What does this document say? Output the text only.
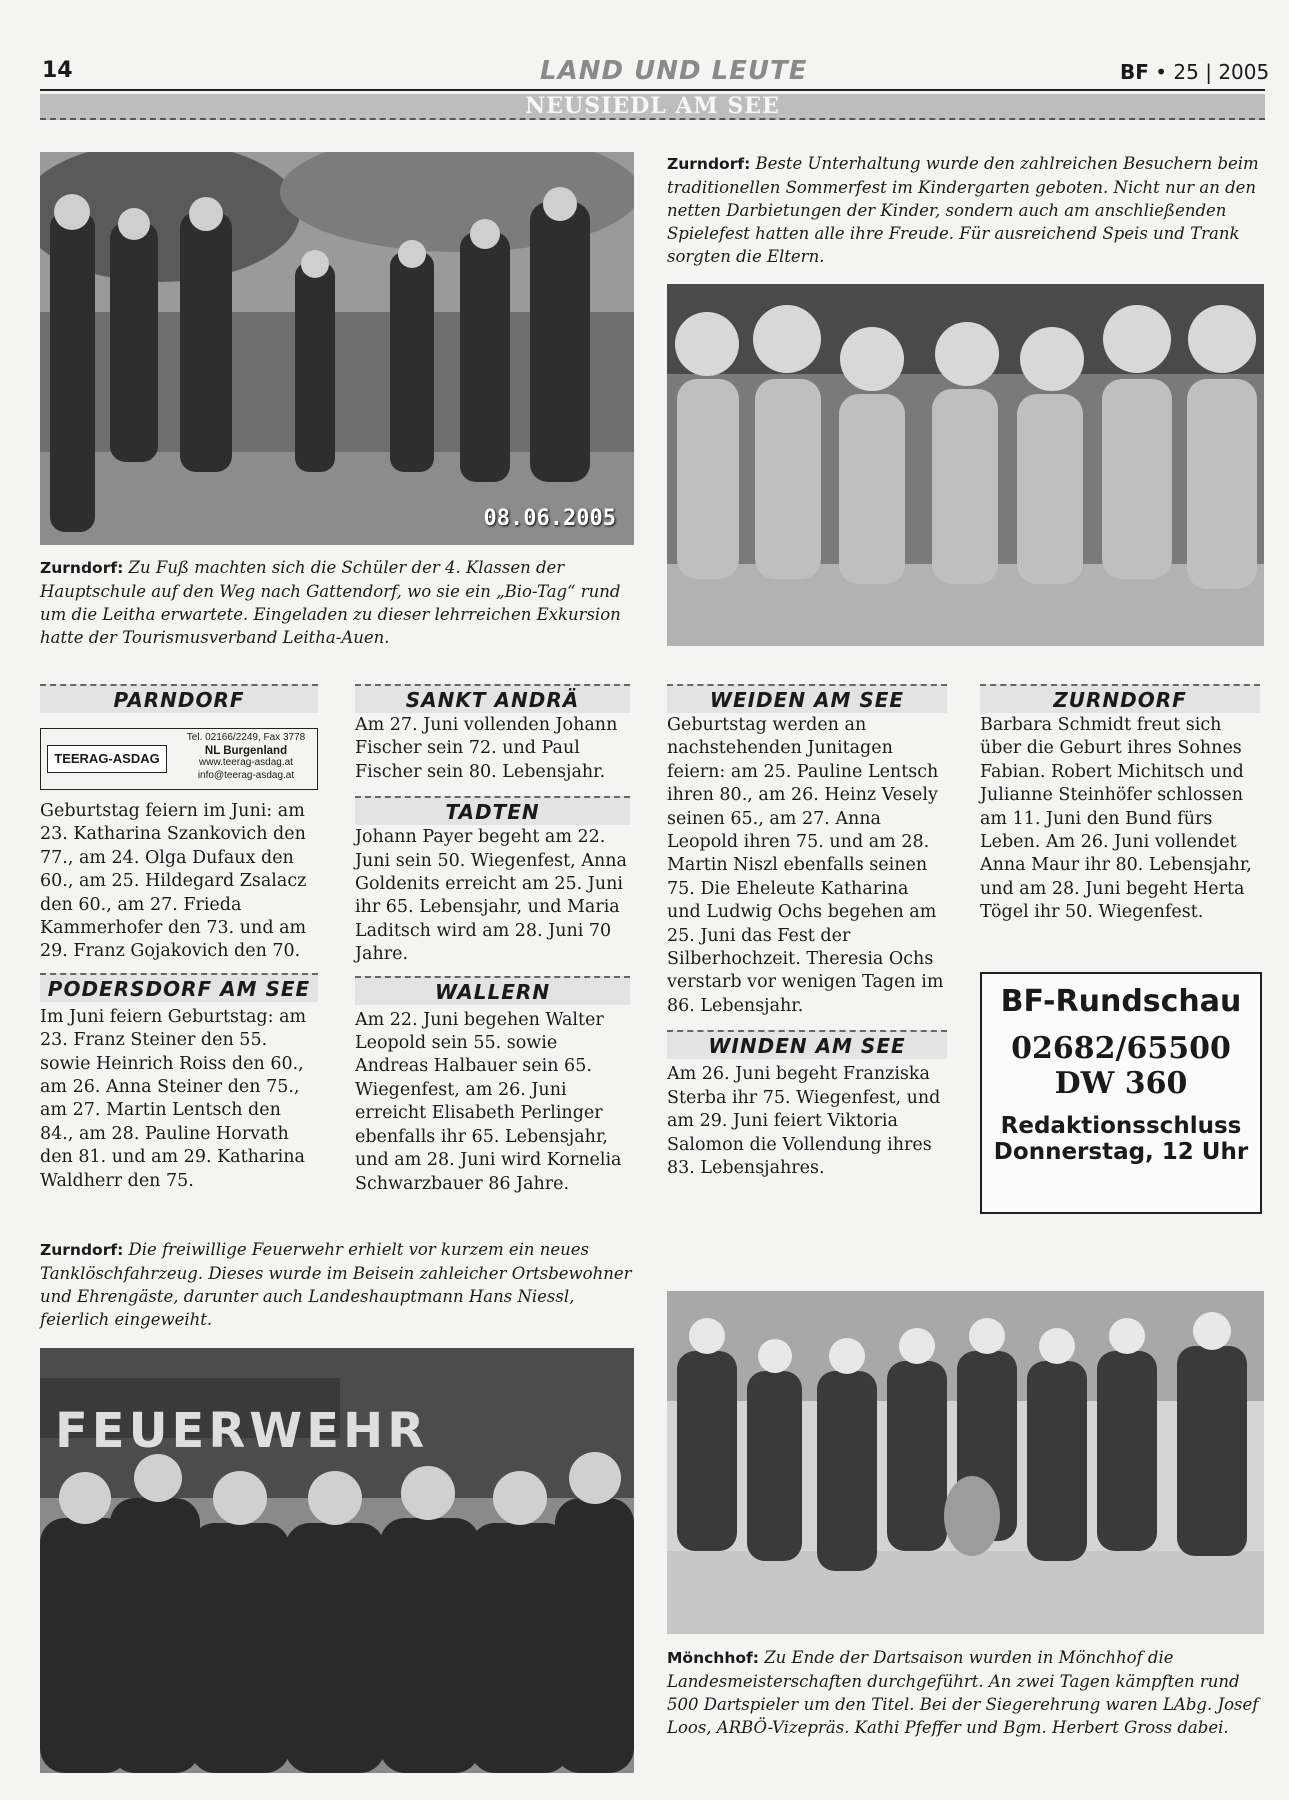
14	LAND UND LEUTE	BF • 25 | 2005
NEUSIEDL AM SEE
08.06.2005
Zurndorf: Beste Unterhaltung wurde den zahlreichen Besuchern beim traditionellen Sommerfest im Kindergarten geboten. Nicht nur an den netten Darbietungen der Kinder, sondern auch am anschließenden Spielefest hatten alle ihre Freude. Für ausreichend Speis und Trank sorgten die Eltern.
Zurndorf: Zu Fuß machten sich die Schüler der 4. Klassen der Hauptschule auf den Weg nach Gattendorf, wo sie ein „Bio-Tag“ rund um die Leitha erwartete. Eingeladen zu dieser lehrreichen Exkursion hatte der Tourismusverband Leitha-Auen.
PARNDORF
TEERAG-ASDAG
Tel. 02166/2249, Fax 3778
NL Burgenland
www.teerag-asdag.at
info@teerag-asdag.at
Geburtstag feiern im Juni: am 23. Katharina Szankovich den 77., am 24. Olga Dufaux den 60., am 25. Hildegard Zsalacz den 60., am 27. Frieda Kammerhofer den 73. und am 29. Franz Gojakovich den 70.
PODERSDORF AM SEE
Im Juni feiern Geburtstag: am 23. Franz Steiner den 55. sowie Heinrich Roiss den 60., am 26. Anna Steiner den 75., am 27. Martin Lentsch den 84., am 28. Pauline Horvath den 81. und am 29. Katharina Waldherr den 75.
SANKT ANDRÄ
Am 27. Juni vollenden Johann Fischer sein 72. und Paul Fischer sein 80. Lebensjahr.
TADTEN
Johann Payer begeht am 22. Juni sein 50. Wiegenfest, Anna Goldenits erreicht am 25. Juni ihr 65. Lebensjahr, und Maria Laditsch wird am 28. Juni 70 Jahre.
WALLERN
Am 22. Juni begehen Walter Leopold sein 55. sowie Andreas Halbauer sein 65. Wiegenfest, am 26. Juni erreicht Elisabeth Perlinger ebenfalls ihr 65. Lebensjahr, und am 28. Juni wird Kornelia Schwarzbauer 86 Jahre.
WEIDEN AM SEE
Geburtstag werden an nachstehenden Junitagen feiern: am 25. Pauline Lentsch ihren 80., am 26. Heinz Vesely seinen 65., am 27. Anna Leopold ihren 75. und am 28. Martin Niszl ebenfalls seinen 75. Die Eheleute Katharina und Ludwig Ochs begehen am 25. Juni das Fest der Silberhochzeit. Theresia Ochs verstarb vor wenigen Tagen im 86. Lebensjahr.
WINDEN AM SEE
Am 26. Juni begeht Franziska Sterba ihr 75. Wiegenfest, und am 29. Juni feiert Viktoria Salomon die Vollendung ihres 83. Lebensjahres.
ZURNDORF
Barbara Schmidt freut sich über die Geburt ihres Sohnes Fabian. Robert Michitsch und Julianne Steinhöfer schlossen am 11. Juni den Bund fürs Leben. Am 26. Juni vollendet Anna Maur ihr 80. Lebensjahr, und am 28. Juni begeht Herta Tögel ihr 50. Wiegenfest.
BF-Rundschau
02682/65500
DW 360
Redaktionsschluss
Donnerstag, 12 Uhr
Zurndorf: Die freiwillige Feuerwehr erhielt vor kurzem ein neues Tanklöschfahrzeug. Dieses wurde im Beisein zahleicher Ortsbewohner und Ehrengäste, darunter auch Landeshauptmann Hans Niessl, feierlich eingeweiht.
FEUERWEHR
Mönchhof: Zu Ende der Dartsaison wurden in Mönchhof die Landesmeisterschaften durchgeführt. An zwei Tagen kämpften rund 500 Dartspieler um den Titel. Bei der Siegerehrung waren LAbg. Josef Loos, ARBÖ-Vizepräs. Kathi Pfeffer und Bgm. Herbert Gross dabei.
